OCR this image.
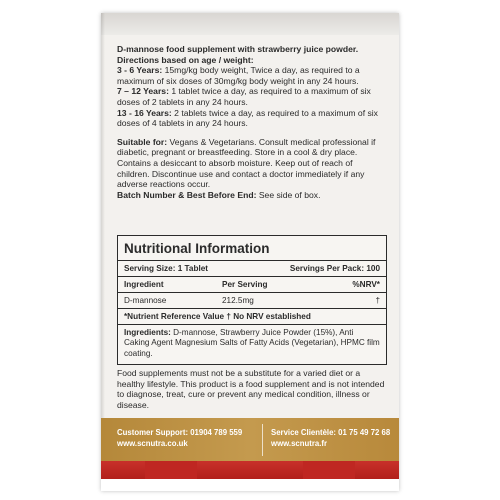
D-mannose food supplement with strawberry juice powder.

Directions based on age / weight:

3 - 6 Years: 15mg/kg body weight, Twice a day, as required to a maximum of six doses of 30mg/kg body weight in any 24 hours.

7 – 12 Years: 1 tablet twice a day, as required to a maximum of six doses of 2 tablets in any 24 hours.

13 - 16 Years: 2 tablets twice a day, as required to a maximum of six doses of 4 tablets in any 24 hours.

Suitable for: Vegans & Vegetarians. Consult medical professional if diabetic, pregnant or breastfeeding. Store in a cool & dry place. Contains a desiccant to absorb moisture. Keep out of reach of children. Discontinue use and contact a doctor immediately if any adverse reactions occur.

Batch Number & Best Before End: See side of box.

Nutritional Information
Serving Size: 1 Tablet	Servings Per Pack: 100
Ingredient	Per Serving	%NRV*
D-mannose	212.5mg	†
*Nutrient Reference Value † No NRV established
Ingredients: D-mannose, Strawberry Juice Powder (15%), Anti Caking Agent Magnesium Salts of Fatty Acids (Vegetarian), HPMC film coating.
Food supplements must not be a substitute for a varied diet or a healthy lifestyle. This product is a food supplement and is not intended to diagnose, treat, cure or prevent any medical condition, illness or disease.
Customer Support: 01904 789 559
www.scnutra.co.uk
Service Clientèle: 01 75 49 72 68
www.scnutra.fr
